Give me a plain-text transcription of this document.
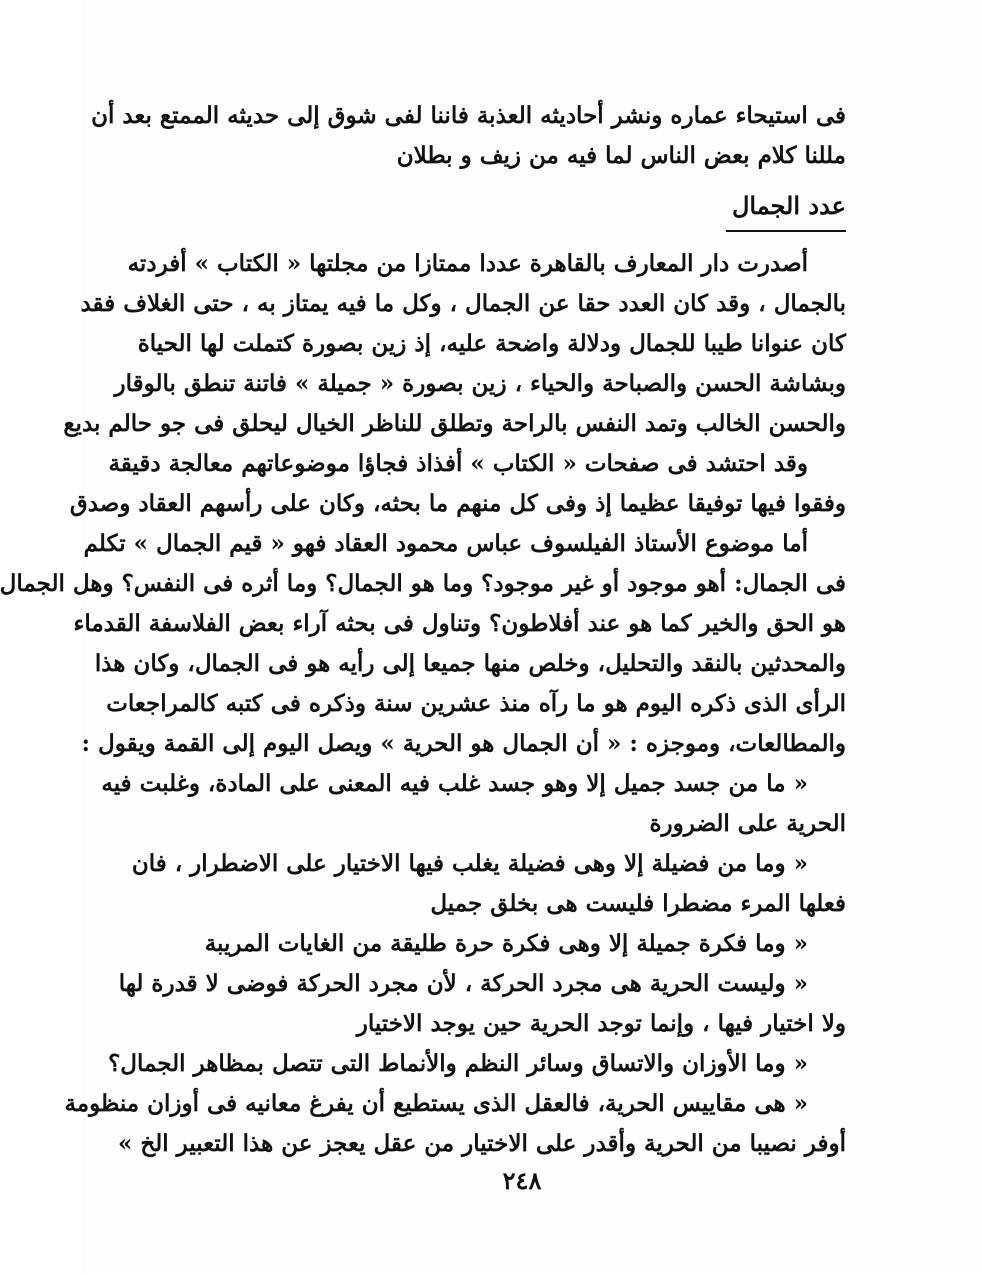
فى استيحاء عماره ونشر أحاديثه العذبة فاننا لفى شوق إلى حديثه الممتع بعد أن
مللنا كلام بعض الناس لما فيه من زيف و بطلان
عدد الجمال
أصدرت دار المعارف بالقاهرة عددا ممتازا من مجلتها « الكتاب » أفردته
بالجمال ، وقد كان العدد حقا عن الجمال ، وكل ما فيه يمتاز به ، حتى الغلاف فقد
كان عنوانا طيبا للجمال ودلالة واضحة عليه، إذ زين بصورة كتملت لها الحياة
وبشاشة الحسن والصباحة والحياء ، زين بصورة « جميلة » فاتنة تنطق بالوقار
والحسن الخالب وتمد النفس بالراحة وتطلق للناظر الخيال ليحلق فى جو حالم بديع
وقد احتشد فى صفحات « الكتاب » أفذاذ فجاؤا موضوعاتهم معالجة دقيقة
وفقوا فيها توفيقا عظيما إذ وفى كل منهم ما بحثه، وكان على رأسهم العقاد وصدق
أما موضوع الأستاذ الفيلسوف عباس محمود العقاد فهو « قيم الجمال » تكلم
فى الجمال: أهو موجود أو غير موجود؟ وما هو الجمال؟ وما أثره فى النفس؟ وهل الجمال
هو الحق والخير كما هو عند أفلاطون؟ وتناول فى بحثه آراء بعض الفلاسفة القدماء
والمحدثين بالنقد والتحليل، وخلص منها جميعا إلى رأيه هو فى الجمال، وكان هذا
الرأى الذى ذكره اليوم هو ما رآه منذ عشرين سنة وذكره فى كتبه كالمراجعات
والمطالعات، وموجزه : « أن الجمال هو الحرية » ويصل اليوم إلى القمة ويقول :
« ما من جسد جميل إلا وهو جسد غلب فيه المعنى على المادة، وغلبت فيه
الحرية على الضرورة
« وما من فضيلة إلا وهى فضيلة يغلب فيها الاختيار على الاضطرار ، فان
فعلها المرء مضطرا فليست هى بخلق جميل
« وما فكرة جميلة إلا وهى فكرة حرة طليقة من الغايات المريبة
« وليست الحرية هى مجرد الحركة ، لأن مجرد الحركة فوضى لا قدرة لها
ولا اختيار فيها ، وإنما توجد الحرية حين يوجد الاختيار
« وما الأوزان والاتساق وسائر النظم والأنماط التى تتصل بمظاهر الجمال؟
« هى مقاييس الحرية، فالعقل الذى يستطيع أن يفرغ معانيه فى أوزان منظومة
أوفر نصيبا من الحرية وأقدر على الاختيار من عقل يعجز عن هذا التعبير الخ »
٢٤٨
